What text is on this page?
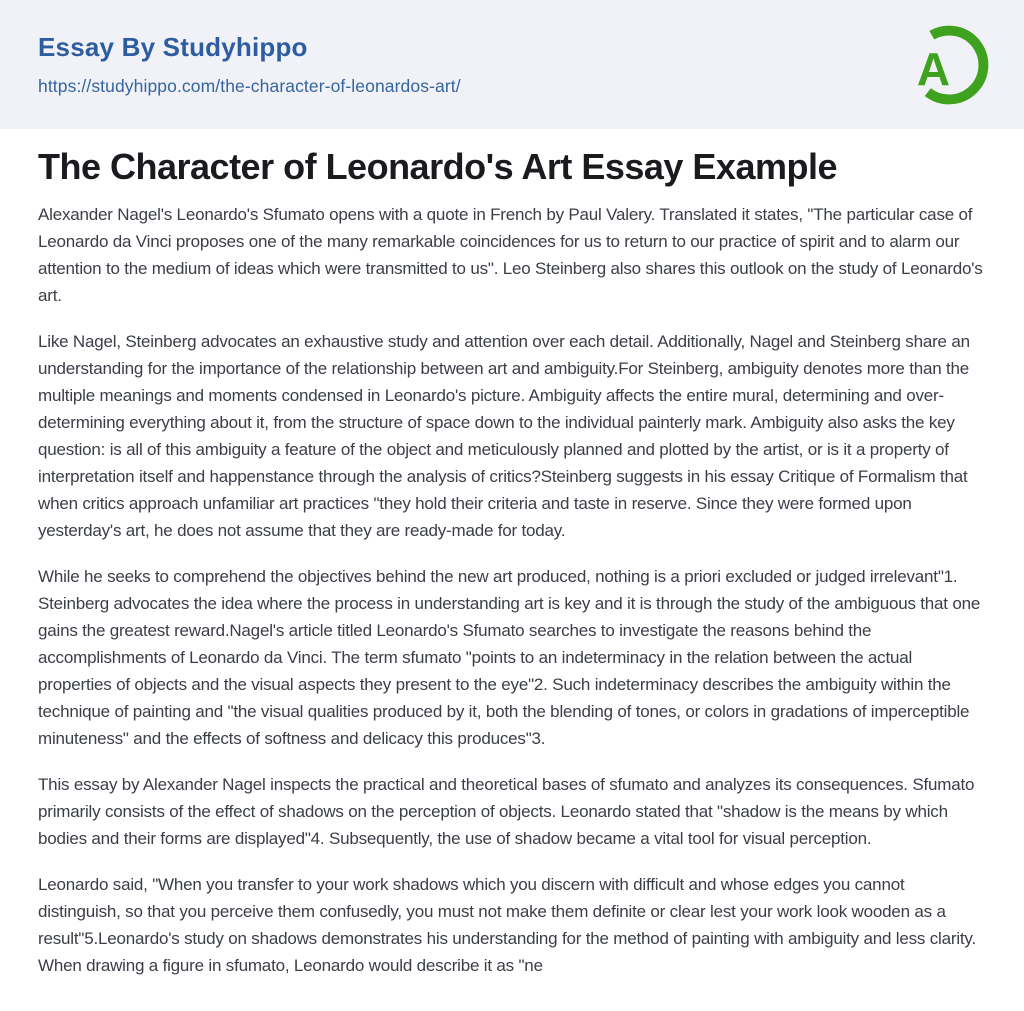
Essay By Studyhippo
https://studyhippo.com/the-character-of-leonardos-art/	A
The Character of Leonardo's Art Essay Example

Alexander Nagel's Leonardo's Sfumato opens with a quote in French by Paul Valery. Translated it states, "The particular case of Leonardo da Vinci proposes one of the many remarkable coincidences for us to return to our practice of spirit and to alarm our attention to the medium of ideas which were transmitted to us". Leo Steinberg also shares this outlook on the study of Leonardo's art.

Like Nagel, Steinberg advocates an exhaustive study and attention over each detail. Additionally, Nagel and Steinberg share an understanding for the importance of the relationship between art and ambiguity.For Steinberg, ambiguity denotes more than the multiple meanings and moments condensed in Leonardo's picture. Ambiguity affects the entire mural, determining and over-determining everything about it, from the structure of space down to the individual painterly mark. Ambiguity also asks the key question: is all of this ambiguity a feature of the object and meticulously planned and plotted by the artist, or is it a property of interpretation itself and happenstance through the analysis of critics?Steinberg suggests in his essay Critique of Formalism that when critics approach unfamiliar art practices "they hold their criteria and taste in reserve. Since they were formed upon yesterday's art, he does not assume that they are ready-made for today.

While he seeks to comprehend the objectives behind the new art produced, nothing is a priori excluded or judged irrelevant"1. Steinberg advocates the idea where the process in understanding art is key and it is through the study of the ambiguous that one gains the greatest reward.Nagel's article titled Leonardo's Sfumato searches to investigate the reasons behind the accomplishments of Leonardo da Vinci. The term sfumato "points to an indeterminacy in the relation between the actual properties of objects and the visual aspects they present to the eye"2. Such indeterminacy describes the ambiguity within the technique of painting and "the visual qualities produced by it, both the blending of tones, or colors in gradations of imperceptible minuteness" and the effects of softness and delicacy this produces"3.

This essay by Alexander Nagel inspects the practical and theoretical bases of sfumato and analyzes its consequences. Sfumato primarily consists of the effect of shadows on the perception of objects. Leonardo stated that "shadow is the means by which bodies and their forms are displayed"4. Subsequently, the use of shadow became a vital tool for visual perception.

Leonardo said, "When you transfer to your work shadows which you discern with difficult and whose edges you cannot distinguish, so that you perceive them confusedly, you must not make them definite or clear lest your work look wooden as a result"5.Leonardo's study on shadows demonstrates his understanding for the method of painting with ambiguity and less clarity. When drawing a figure in sfumato, Leonardo would describe it as "ne
